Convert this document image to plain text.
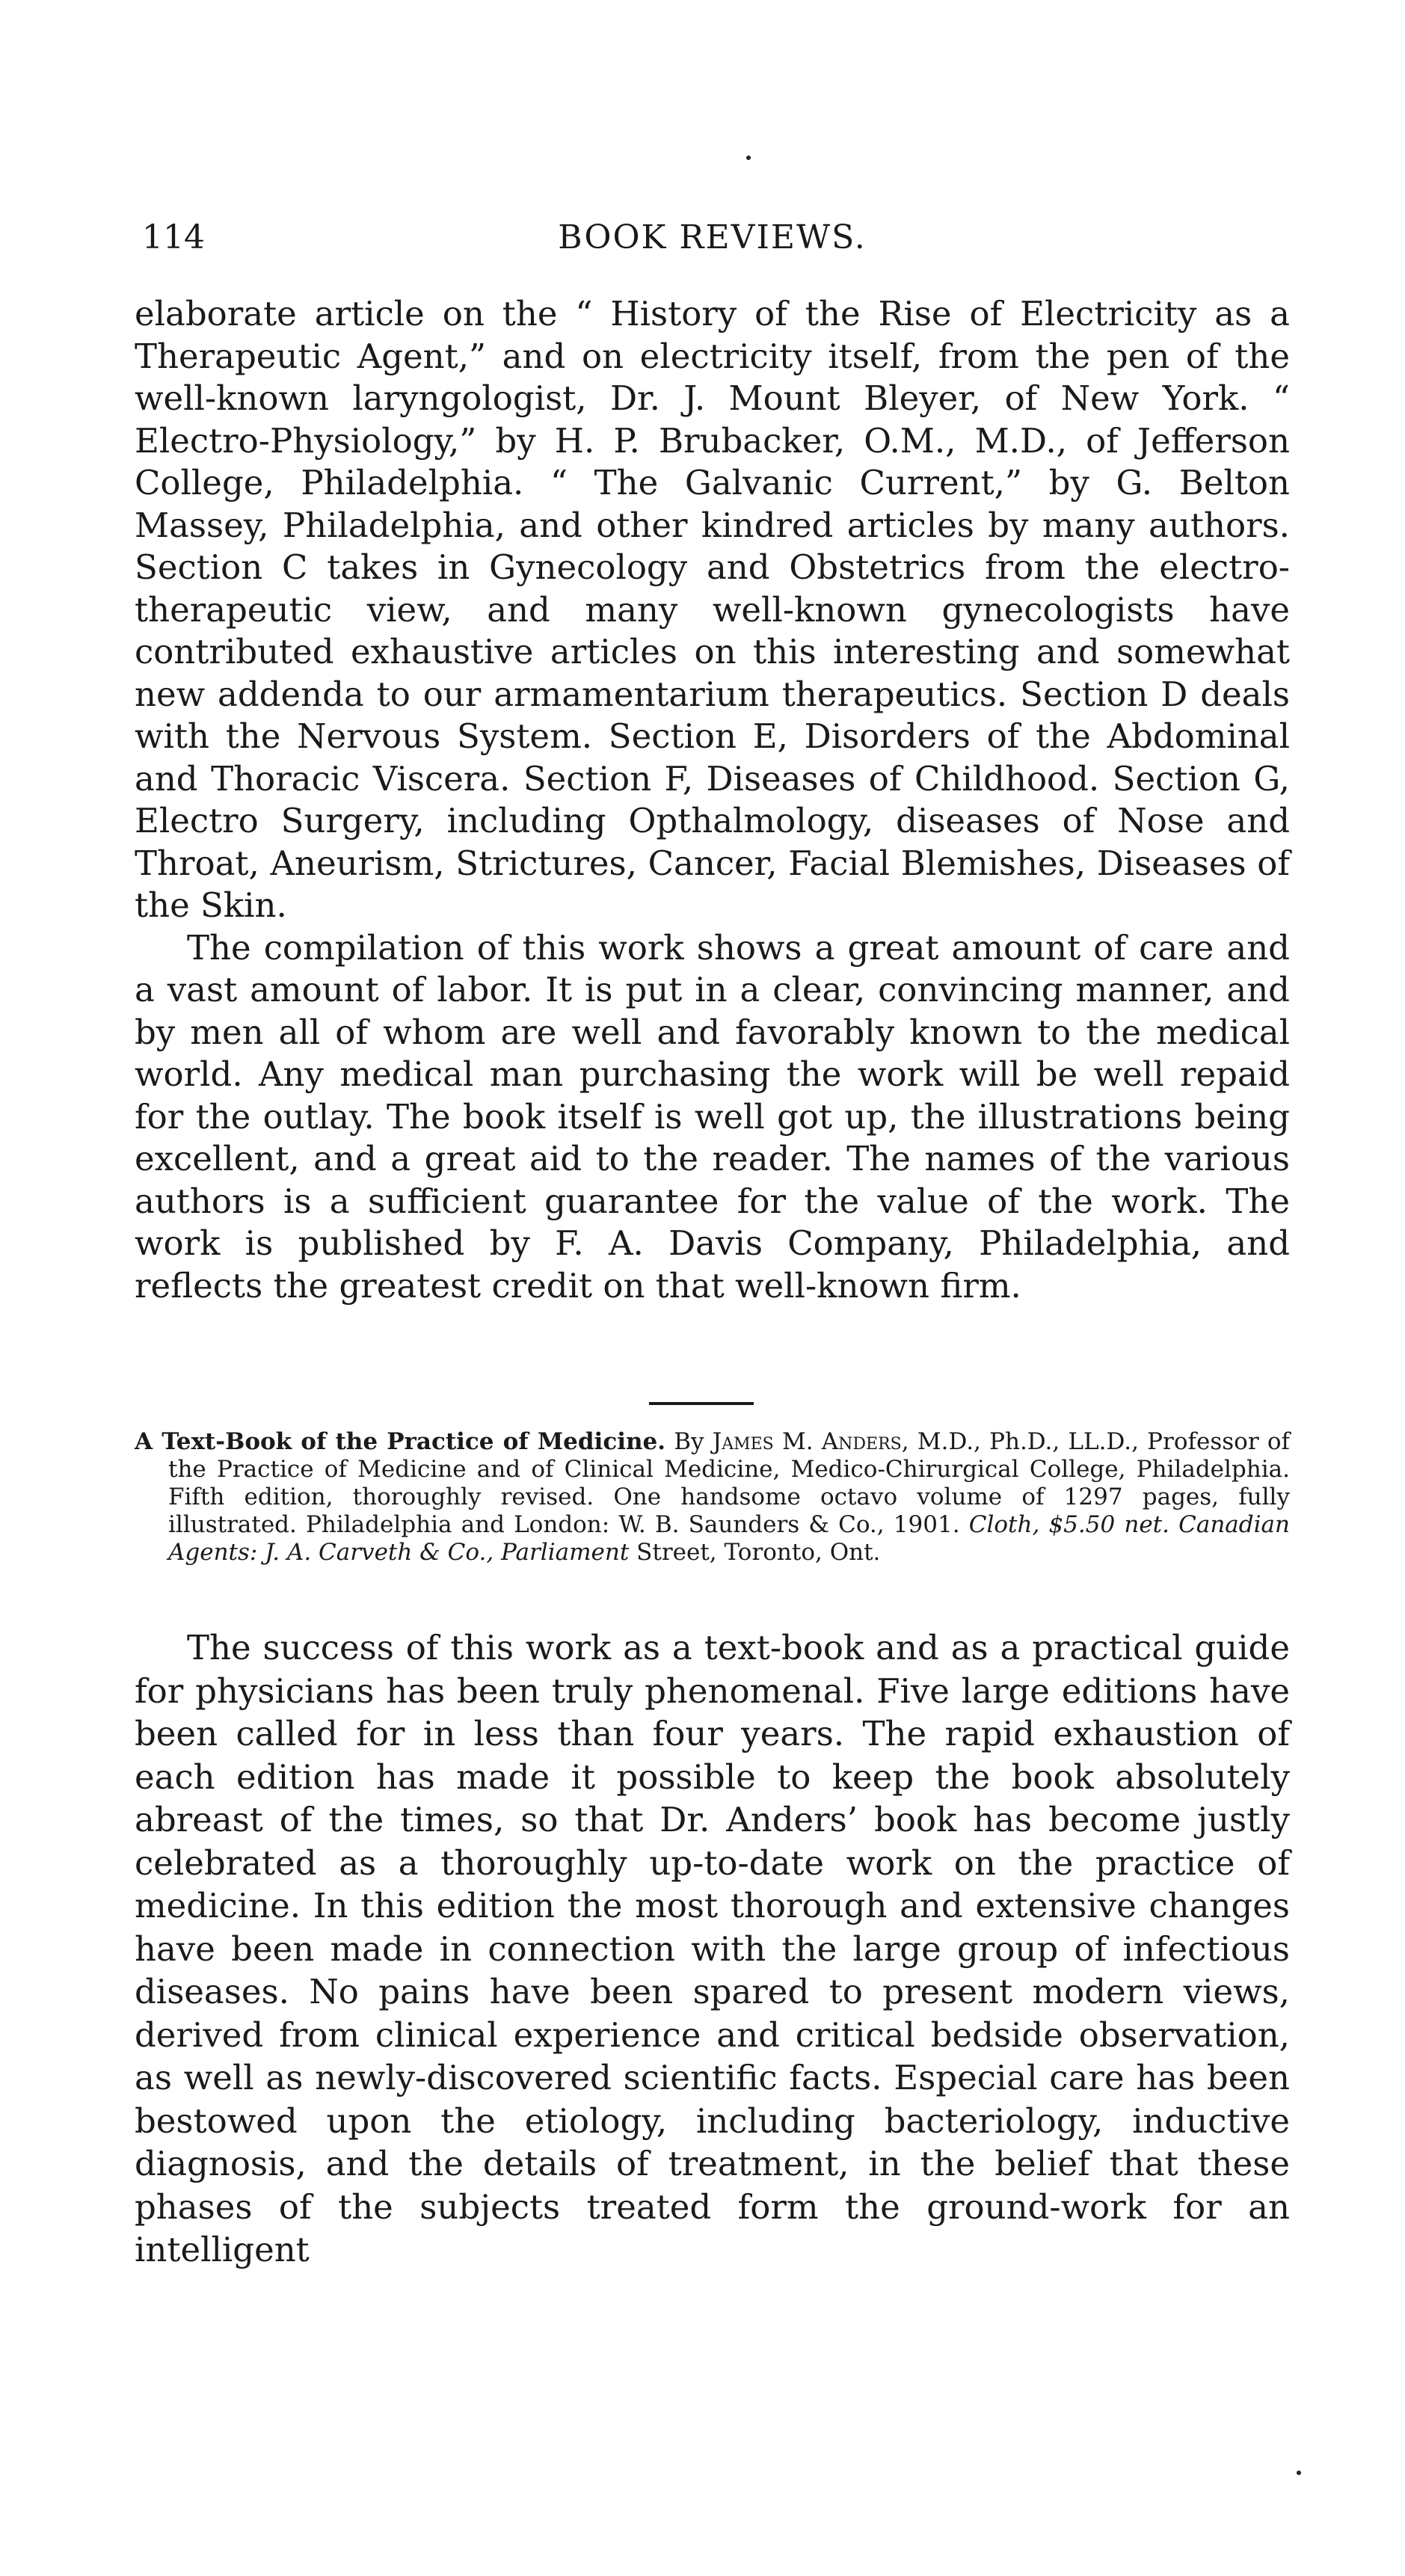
114	BOOK REVIEWS.

elaborate article on the “ History of the Rise of Electricity as a Therapeutic Agent,” and on electricity itself, from the pen of the well-known laryngologist, Dr. J. Mount Bleyer, of New York. “ Electro-Physiology,” by H. P. Brubacker, O.M., M.D., of Jefferson College, Philadelphia. “ The Galvanic Current,” by G. Belton Massey, Philadelphia, and other kindred articles by many authors. Section C takes in Gynecology and Obstetrics from the electro-therapeutic view, and many well-known gynecologists have contributed exhaustive articles on this interesting and somewhat new addenda to our armamentarium therapeutics. Section D deals with the Nervous System. Section E, Disorders of the Abdominal and Thoracic Viscera. Section F, Diseases of Childhood. Section G, Electro Surgery, including Opthalmology, diseases of Nose and Throat, Aneurism, Strictures, Cancer, Facial Blemishes, Diseases of the Skin.

The compilation of this work shows a great amount of care and a vast amount of labor. It is put in a clear, convincing manner, and by men all of whom are well and favorably known to the medical world. Any medical man purchasing the work will be well repaid for the outlay. The book itself is well got up, the illustrations being excellent, and a great aid to the reader. The names of the various authors is a sufficient guarantee for the value of the work. The work is published by F. A. Davis Company, Philadelphia, and reflects the greatest credit on that well-known firm.

A Text-Book of the Practice of Medicine. By James M. Anders, M.D., Ph.D., LL.D., Professor of the Practice of Medicine and of Clinical Medicine, Medico-Chirurgical College, Philadelphia. Fifth edition, thoroughly revised. One handsome octavo volume of 1297 pages, fully illustrated. Philadelphia and London: W. B. Saunders & Co., 1901. Cloth, $5.50 net. Canadian Agents: J. A. Carveth & Co., Parliament Street, Toronto, Ont.

The success of this work as a text-book and as a practical guide for physicians has been truly phenomenal. Five large editions have been called for in less than four years. The rapid exhaustion of each edition has made it possible to keep the book absolutely abreast of the times, so that Dr. Anders’ book has become justly celebrated as a thoroughly up-to-date work on the practice of medicine. In this edition the most thorough and extensive changes have been made in connection with the large group of infectious diseases. No pains have been spared to present modern views, derived from clinical experience and critical bedside observation, as well as newly-discovered scientific facts. Especial care has been bestowed upon the etiology, including bacteriology, inductive diagnosis, and the details of treatment, in the belief that these phases of the subjects treated form the ground-work for an intelligent
